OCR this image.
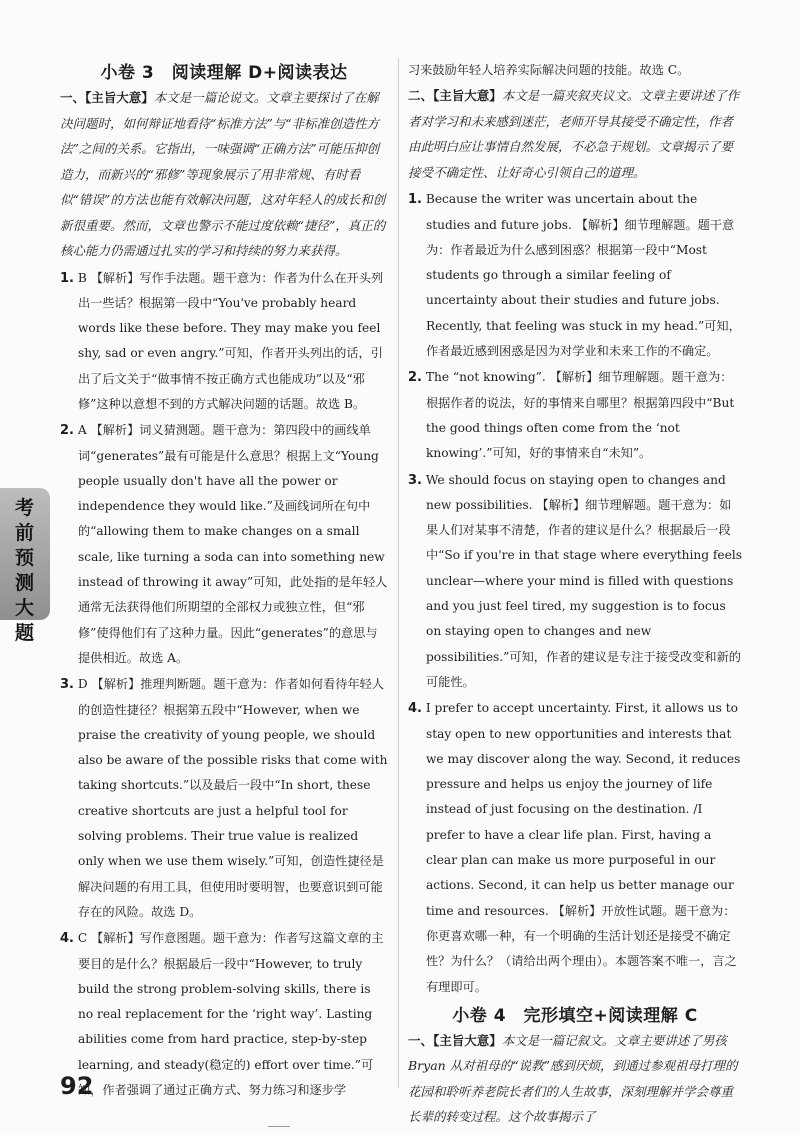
考前预测大题
小卷 3　阅读理解 D+阅读表达

一、【主旨大意】本文是一篇论说文。文章主要探讨了在解决问题时，如何辩证地看待“标准方法”与“非标准创造性方法”之间的关系。它指出，一味强调“正确方法”可能压抑创造力，而新兴的“邪修”等现象展示了用非常规、有时看似“错误”的方法也能有效解决问题，这对年轻人的成长和创新很重要。然而，文章也警示不能过度依赖“捷径”，真正的核心能力仍需通过扎实的学习和持续的努力来获得。

1. B 【解析】写作手法题。题干意为：作者为什么在开头列出一些话？根据第一段中“You've probably heard words like these before. They may make you feel shy, sad or even angry.”可知，作者开头列出的话，引出了后文关于“做事情不按正确方式也能成功”以及“邪修”这种以意想不到的方式解决问题的话题。故选 B。

2. A 【解析】词义猜测题。题干意为：第四段中的画线单词“generates”最有可能是什么意思？根据上文“Young people usually don't have all the power or independence they would like.”及画线词所在句中的“allowing them to make changes on a small scale, like turning a soda can into something new instead of throwing it away”可知，此处指的是年轻人通常无法获得他们所期望的全部权力或独立性，但“邪修”使得他们有了这种力量。因此“generates”的意思与提供相近。故选 A。

3. D 【解析】推理判断题。题干意为：作者如何看待年轻人的创造性捷径？根据第五段中“However, when we praise the creativity of young people, we should also be aware of the possible risks that come with taking shortcuts.”以及最后一段中“In short, these creative shortcuts are just a helpful tool for solving problems. Their true value is realized only when we use them wisely.”可知，创造性捷径是解决问题的有用工具，但使用时要明智，也要意识到可能存在的风险。故选 D。

4. C 【解析】写作意图题。题干意为：作者写这篇文章的主要目的是什么？根据最后一段中“However, to truly build the strong problem-solving skills, there is no real replacement for the ‘right way’. Lasting abilities come from hard practice, step-by-step learning, and steady(稳定的) effort over time.”可知，作者强调了通过正确方式、努力练习和逐步学

习来鼓励年轻人培养实际解决问题的技能。故选 C。

二、【主旨大意】本文是一篇夹叙夹议文。文章主要讲述了作者对学习和未来感到迷茫，老师开导其接受不确定性，作者由此明白应让事情自然发展，不必急于规划。文章揭示了要接受不确定性、让好奇心引领自己的道理。

1. Because the writer was uncertain about the studies and future jobs. 【解析】细节理解题。题干意为：作者最近为什么感到困惑？根据第一段中“Most students go through a similar feeling of uncertainty about their studies and future jobs. Recently, that feeling was stuck in my head.”可知，作者最近感到困惑是因为对学业和未来工作的不确定。

2. The “not knowing”. 【解析】细节理解题。题干意为：根据作者的说法，好的事情来自哪里？根据第四段中“But the good things often come from the ‘not knowing’.”可知，好的事情来自“未知”。

3. We should focus on staying open to changes and new possibilities. 【解析】细节理解题。题干意为：如果人们对某事不清楚，作者的建议是什么？根据最后一段中“So if you're in that stage where everything feels unclear—where your mind is filled with questions and you just feel tired, my suggestion is to focus on staying open to changes and new possibilities.”可知，作者的建议是专注于接受改变和新的可能性。

4. I prefer to accept uncertainty. First, it allows us to stay open to new opportunities and interests that we may discover along the way. Second, it reduces pressure and helps us enjoy the journey of life instead of just focusing on the destination. /I prefer to have a clear life plan. First, having a clear plan can make us more purposeful in our actions. Second, it can help us better manage our time and resources. 【解析】开放性试题。题干意为：你更喜欢哪一种，有一个明确的生活计划还是接受不确定性？为什么？（请给出两个理由）。本题答案不唯一，言之有理即可。

小卷 4　完形填空+阅读理解 C

一、【主旨大意】本文是一篇记叙文。文章主要讲述了男孩 Bryan 从对祖母的“说教”感到厌烦，到通过参观祖母打理的花园和聆听养老院长者们的人生故事，深刻理解并学会尊重长辈的转变过程。这个故事揭示了

92
